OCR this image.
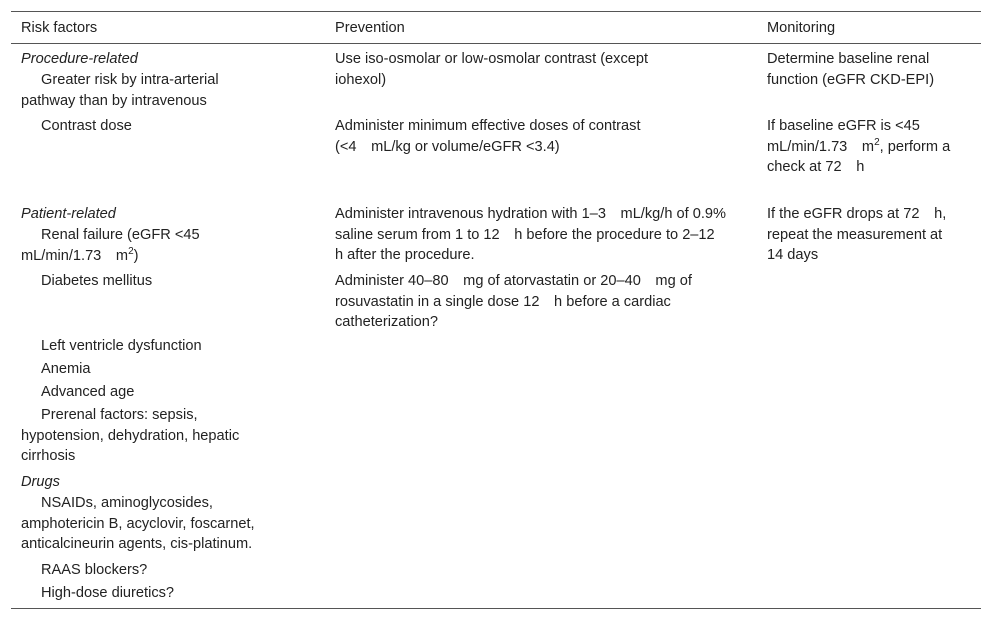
Risk factors	Prevention	Monitoring
Procedure-related
Greater risk by intra-arterial pathway than by intravenous
Contrast dose
Patient-related
Renal failure (eGFR <45  mL/min/1.73  $m^2$)
Diabetes mellitus
Left ventricle dysfunction
Anemia
Advanced age
Prerenal factors: sepsis, hypotension, dehydration, hepatic cirrhosis
Drugs
NSAIDs, aminoglycosides, amphotericin B, acyclovir, foscarnet, anticalcineurin agents, cis-platinum.
RAAS blockers?
High-dose diuretics?
Use iso-osmolar or low-osmolar contrast (except iohexol)
Administer minimum effective doses of contrast (<4  mL/kg or volume/eGFR <3.4)
Administer intravenous hydration with 1–3  mL/kg/h of 0.9% saline serum from 1 to 12  h before the procedure to 2–12  h after the procedure.
Administer 40–80  mg of atorvastatin or 20–40  mg of rosuvastatin in a single dose 12  h before a cardiac catheterization?
Determine baseline renal function (eGFR CKD-EPI)
If baseline eGFR is <45  mL/min/1.73  $m^2$, perform a check at 72  h
If the eGFR drops at 72  h, repeat the measurement at 14 days
